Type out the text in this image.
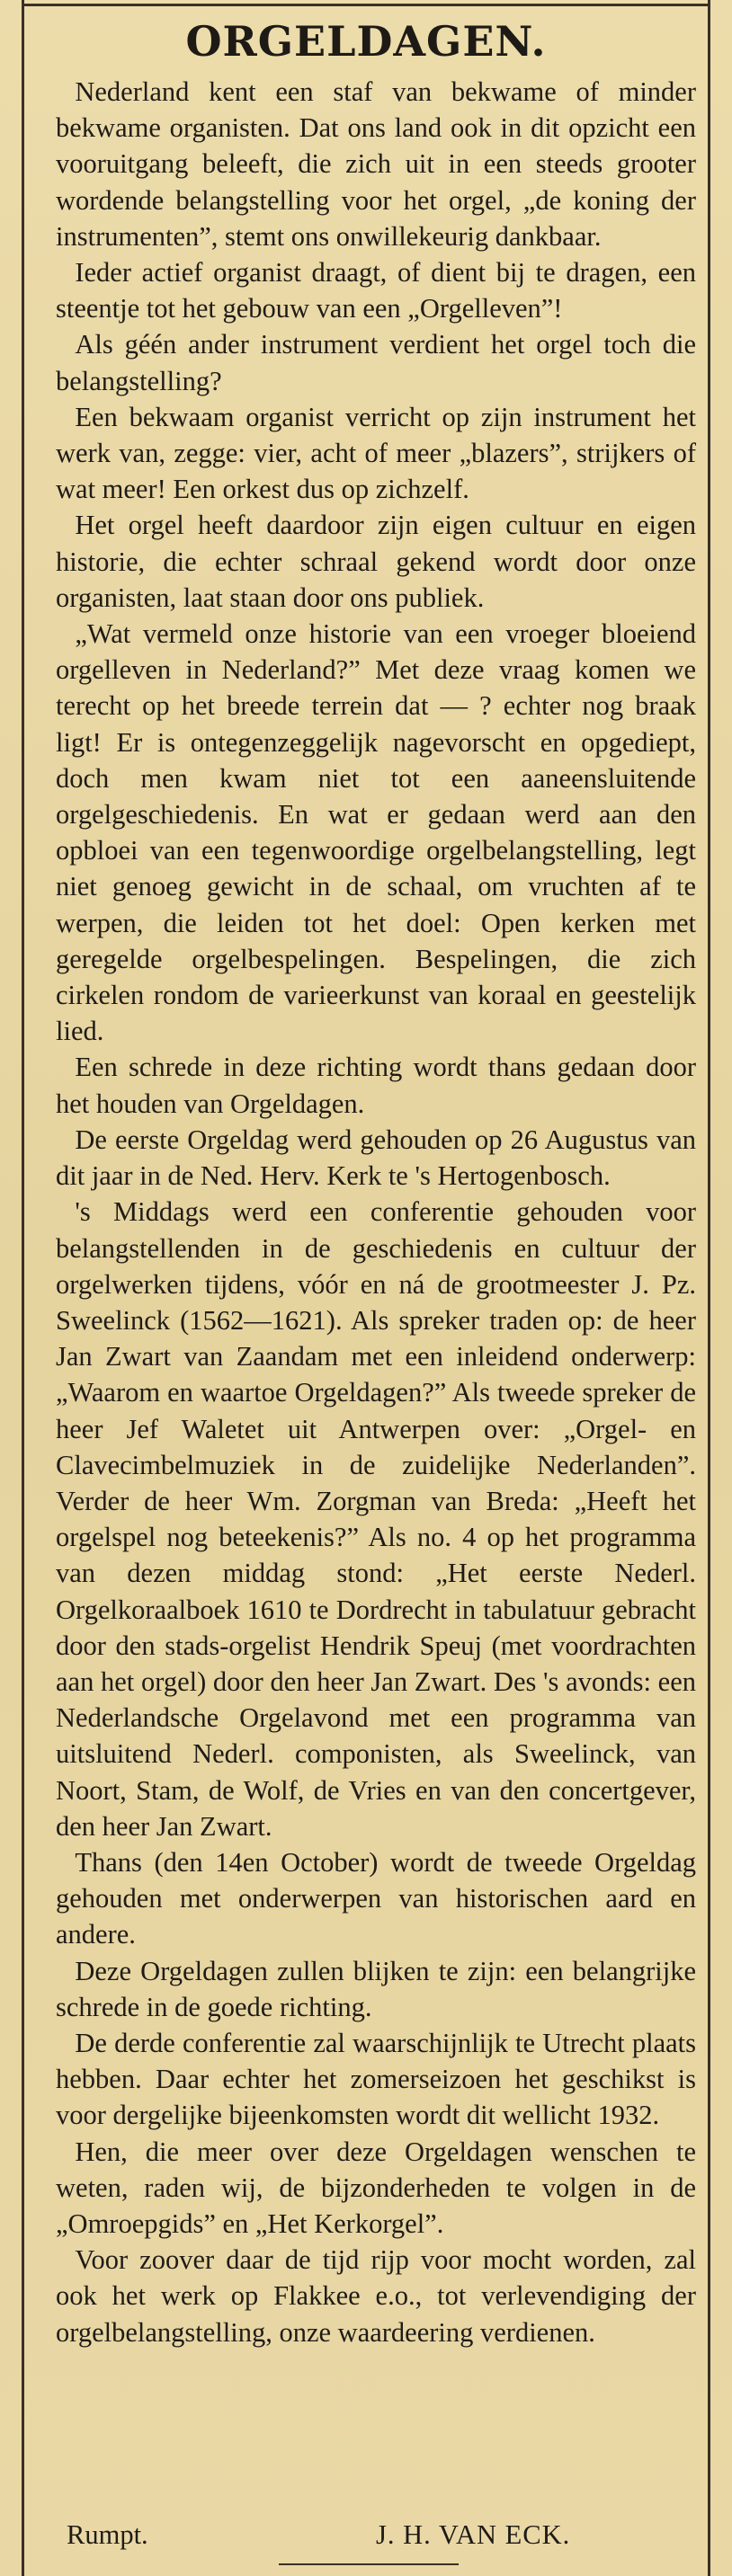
ORGELDAGEN.

Nederland kent een staf van bekwame of minder bekwame organisten. Dat ons land ook in dit opzicht een vooruitgang beleeft, die zich uit in een steeds grooter wordende belangstelling voor het orgel, „de koning der instrumenten”, stemt ons onwillekeurig dankbaar.

Ieder actief organist draagt, of dient bij te dragen, een steentje tot het gebouw van een „Orgelleven”!

Als géén ander instrument verdient het orgel toch die belangstelling?

Een bekwaam organist verricht op zijn instrument het werk van, zegge: vier, acht of meer „blazers”, strijkers of wat meer! Een orkest dus op zichzelf.

Het orgel heeft daardoor zijn eigen cultuur en eigen historie, die echter schraal gekend wordt door onze organisten, laat staan door ons publiek.

„Wat vermeld onze historie van een vroeger bloeiend orgelleven in Nederland?” Met deze vraag komen we terecht op het breede terrein dat — ? echter nog braak ligt! Er is ontegenzeggelijk nagevorscht en opgediept, doch men kwam niet tot een aaneensluitende orgelgeschiedenis. En wat er gedaan werd aan den opbloei van een tegenwoordige orgelbelangstelling, legt niet genoeg gewicht in de schaal, om vruchten af te werpen, die leiden tot het doel: Open kerken met geregelde orgelbespelingen. Bespelingen, die zich cirkelen rondom de varieerkunst van koraal en geestelijk lied.

Een schrede in deze richting wordt thans gedaan door het houden van Orgeldagen.

De eerste Orgeldag werd gehouden op 26 Augustus van dit jaar in de Ned. Herv. Kerk te 's Hertogenbosch.

's Middags werd een conferentie gehouden voor belangstellenden in de geschiedenis en cultuur der orgelwerken tijdens, vóór en ná de grootmeester J. Pz. Sweelinck (1562—1621). Als spreker traden op: de heer Jan Zwart van Zaandam met een inleidend onderwerp: „Waarom en waartoe Orgeldagen?” Als tweede spreker de heer Jef Waletet uit Antwerpen over: „Orgel- en Clavecimbelmuziek in de zuidelijke Nederlanden”. Verder de heer Wm. Zorgman van Breda: „Heeft het orgelspel nog beteekenis?” Als no. 4 op het programma van dezen middag stond: „Het eerste Nederl. Orgelkoraalboek 1610 te Dordrecht in tabulatuur gebracht door den stads-orgelist Hendrik Speuj (met voordrachten aan het orgel) door den heer Jan Zwart. Des 's avonds: een Nederlandsche Orgelavond met een programma van uitsluitend Nederl. componisten, als Sweelinck, van Noort, Stam, de Wolf, de Vries en van den concertgever, den heer Jan Zwart.

Thans (den 14en October) wordt de tweede Orgeldag gehouden met onderwerpen van historischen aard en andere.

Deze Orgeldagen zullen blijken te zijn: een belangrijke schrede in de goede richting.

De derde conferentie zal waarschijnlijk te Utrecht plaats hebben. Daar echter het zomerseizoen het geschikst is voor dergelijke bijeenkomsten wordt dit wellicht 1932.

Hen, die meer over deze Orgeldagen wenschen te weten, raden wij, de bijzonderheden te volgen in de „Omroepgids” en „Het Kerkorgel”.

Voor zoover daar de tijd rijp voor mocht worden, zal ook het werk op Flakkee e.o., tot verlevendiging der orgelbelangstelling, onze waardeering verdienen.

Rumpt.	J. H. VAN ECK.
